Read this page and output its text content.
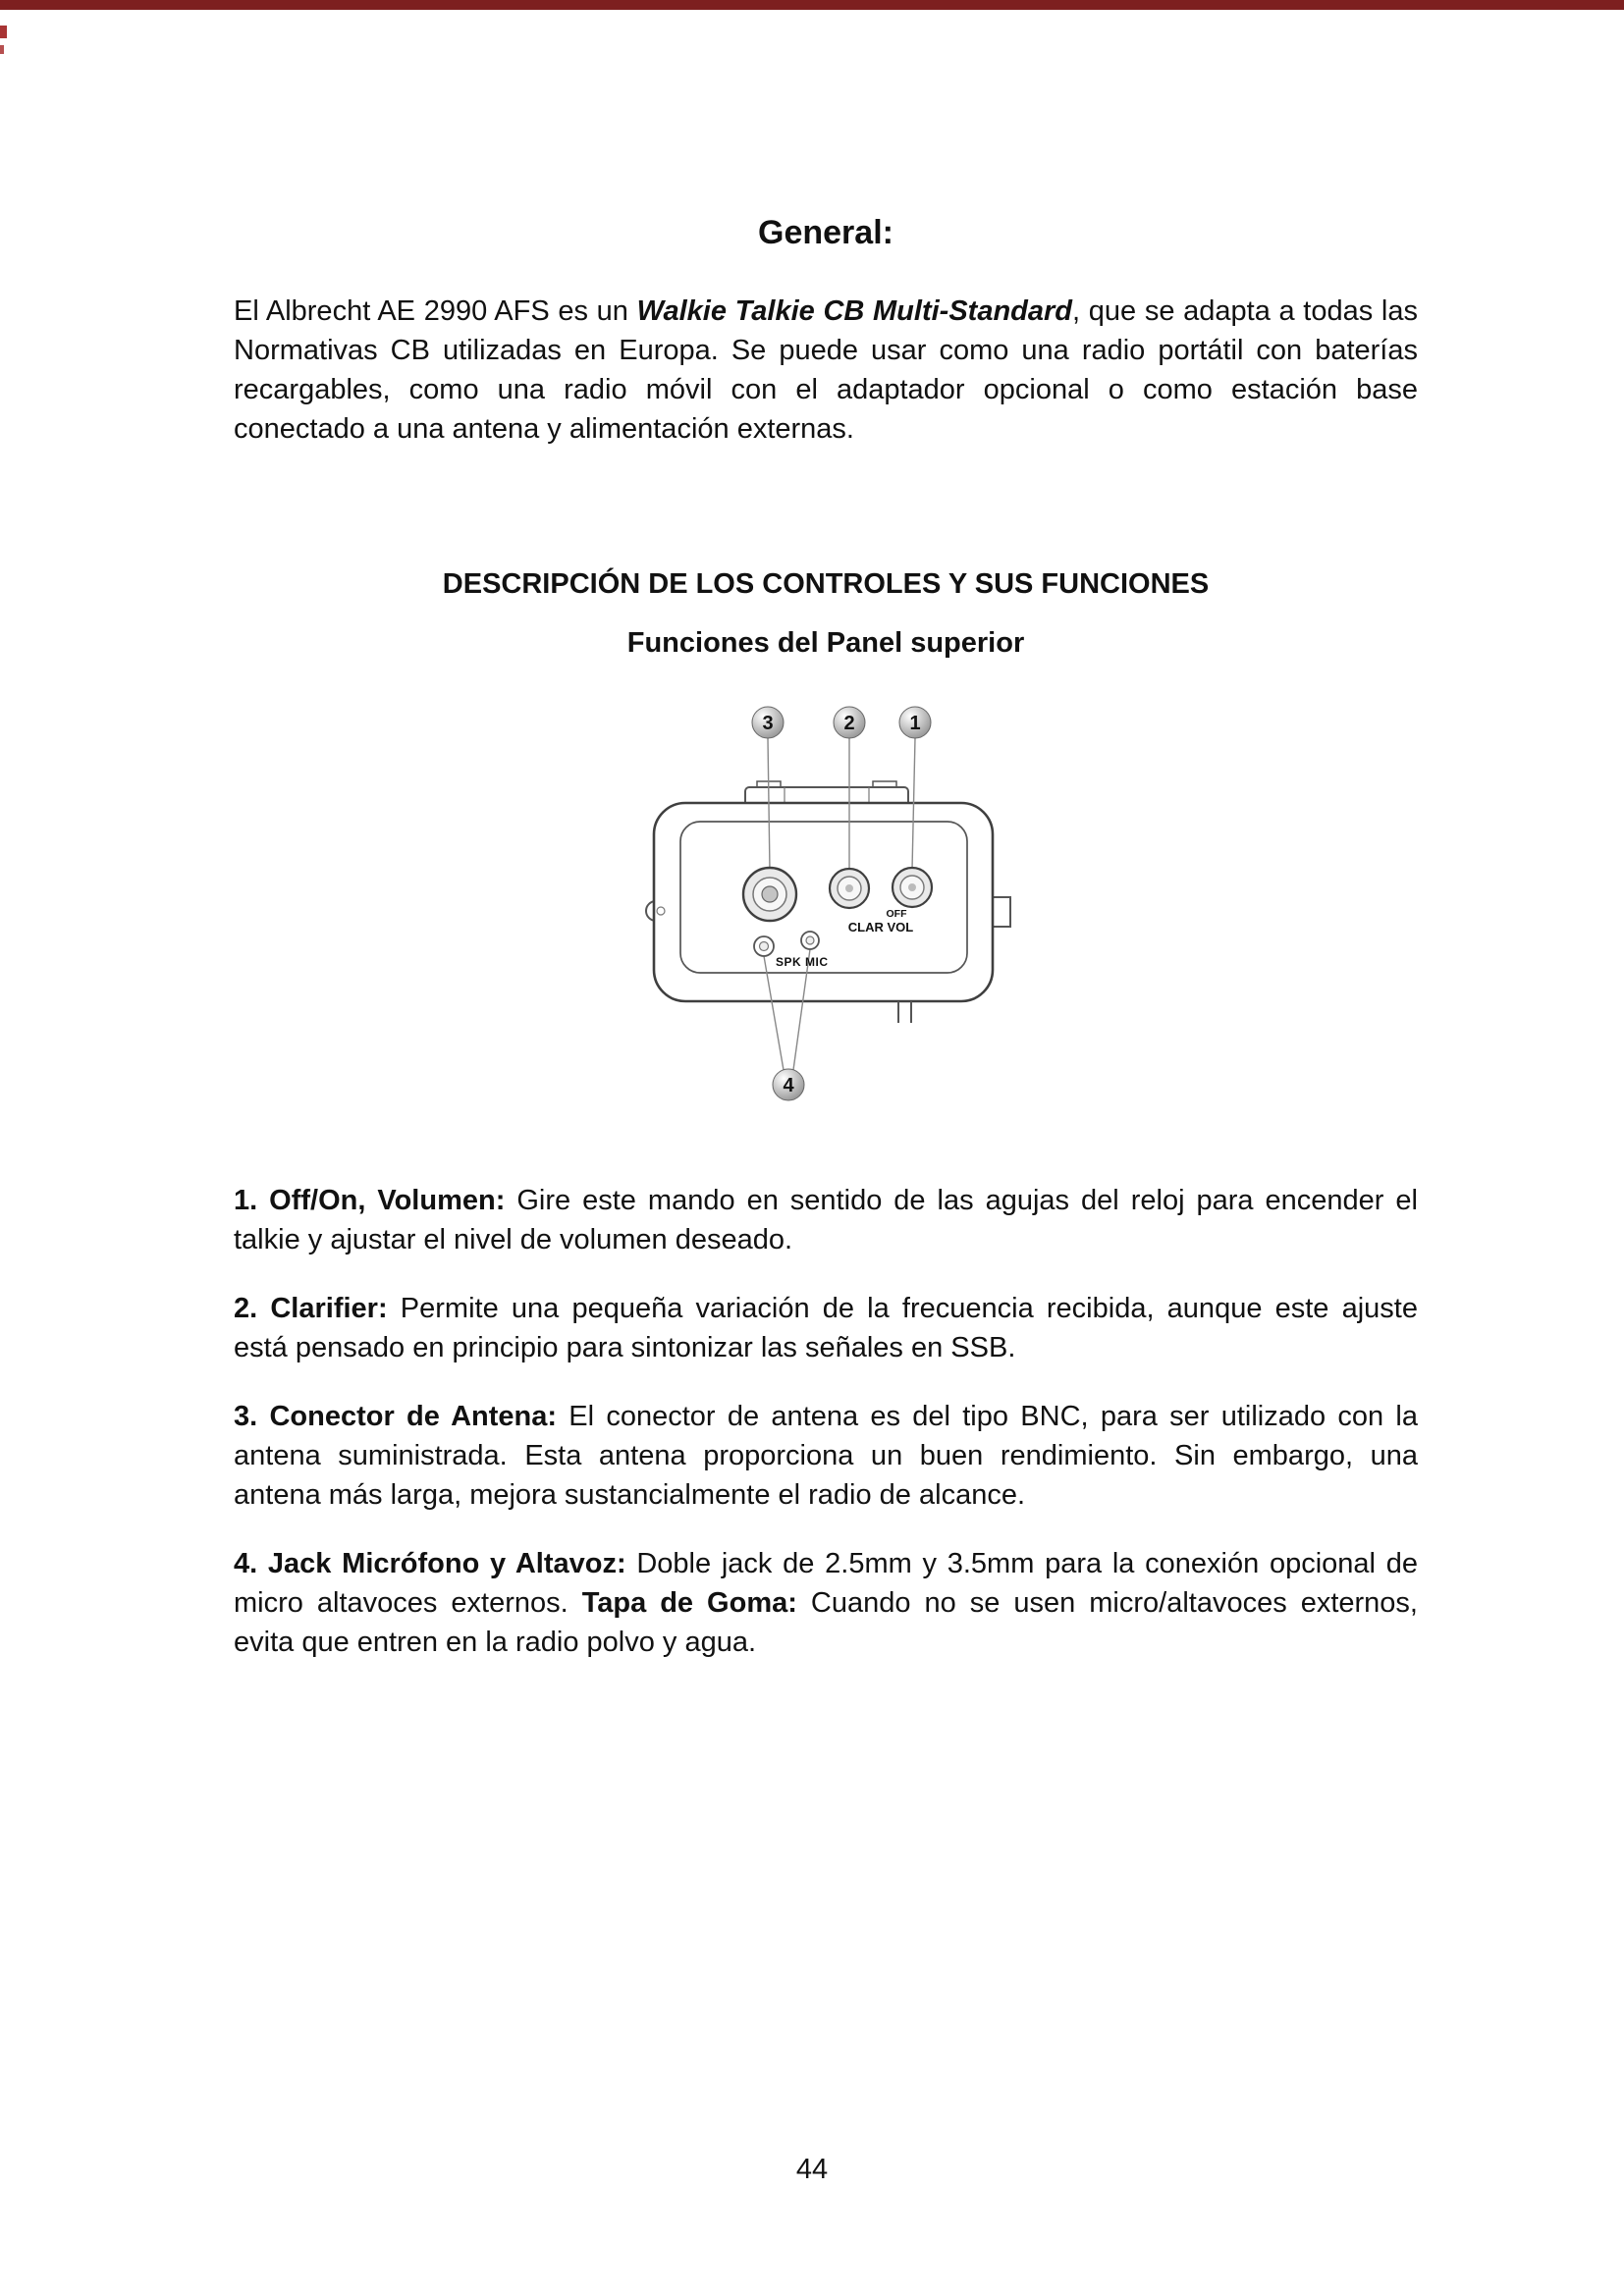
General:

El Albrecht AE 2990 AFS es un Walkie Talkie CB Multi-Standard, que se adapta a todas las Normativas CB utilizadas en Europa. Se puede usar como una radio portátil con baterías recargables, como una radio móvil con el adaptador opcional o como estación base conectado a una antena y alimentación externas.

DESCRIPCIÓN DE LOS CONTROLES Y SUS FUNCIONES
Funciones del Panel superior
OFF
CLAR VOL
SPK MIC
3	2	1
4

1. Off/On, Volumen: Gire este mando en sentido de las agujas del reloj para encender el talkie y ajustar el nivel de volumen deseado.

2. Clarifier: Permite una pequeña variación de la frecuencia recibida, aunque este ajuste está pensado en principio para sintonizar las señales en SSB.

3. Conector de Antena: El conector de antena es del tipo BNC, para ser utilizado con la antena suministrada. Esta antena proporciona un buen rendimiento. Sin embargo, una antena más larga, mejora sustancialmente el radio de alcance.

4. Jack Micrófono y Altavoz: Doble jack de 2.5mm y 3.5mm para la conexión opcional de micro altavoces externos. Tapa de Goma: Cuando no se usen micro/altavoces externos, evita que entren en la radio polvo y agua.

44
